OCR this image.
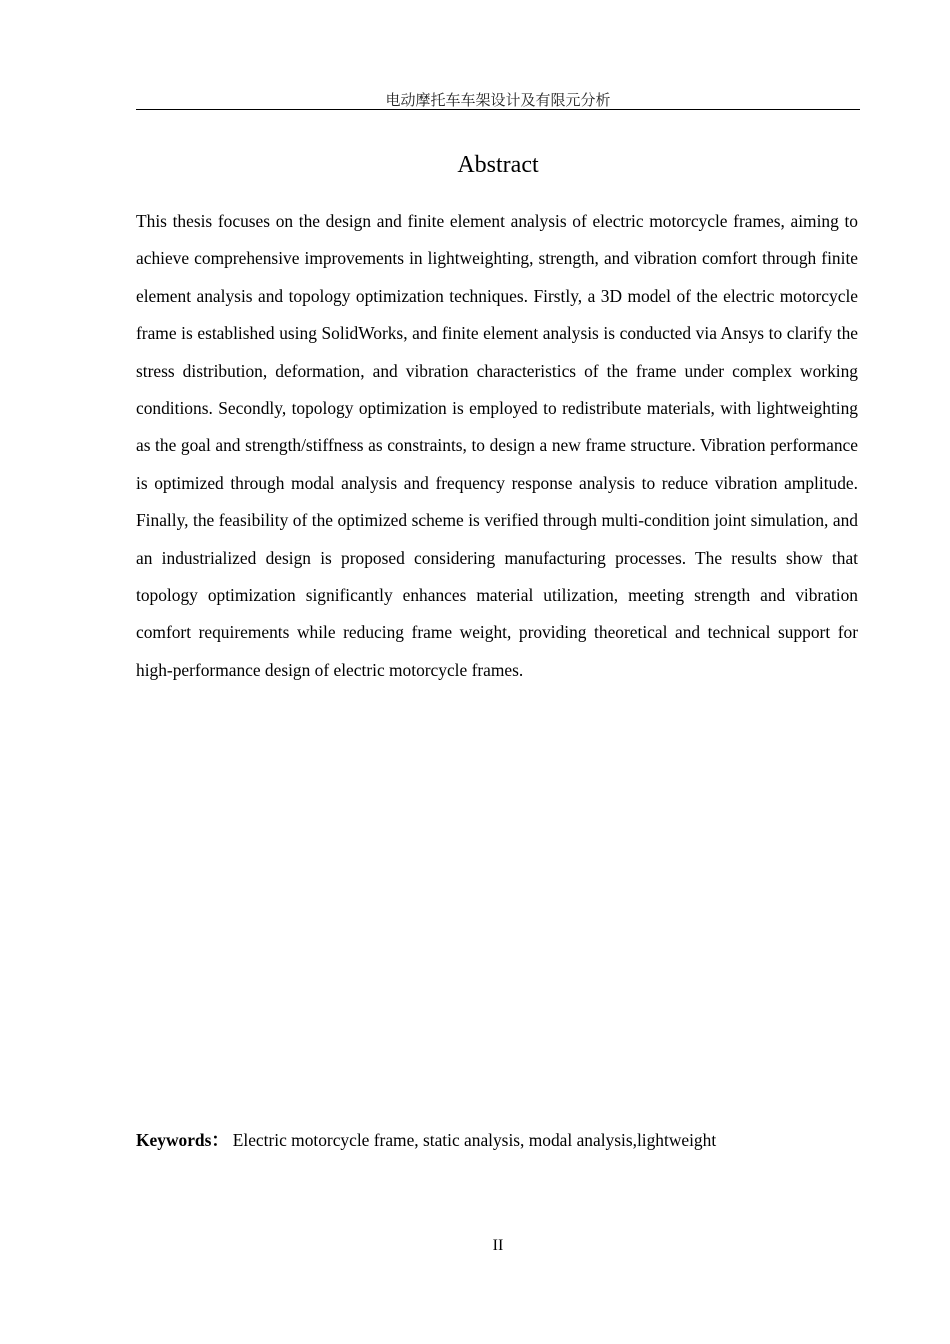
电动摩托车车架设计及有限元分析
Abstract

This thesis focuses on the design and finite element analysis of electric motorcycle frames, aiming to achieve comprehensive improvements in lightweighting, strength, and vibration comfort through finite element analysis and topology optimization techniques. Firstly, a 3D model of the electric motorcycle frame is established using SolidWorks, and finite element analysis is conducted via Ansys to clarify the stress distribution, deformation, and vibration characteristics of the frame under complex working conditions. Secondly, topology optimization is employed to redistribute materials, with lightweighting as the goal and strength/stiffness as constraints, to design a new frame structure. Vibration performance is optimized through modal analysis and frequency response analysis to reduce vibration amplitude. Finally, the feasibility of the optimized scheme is verified through multi-condition joint simulation, and an industrialized design is proposed considering manufacturing processes. The results show that topology optimization significantly enhances material utilization, meeting strength and vibration comfort requirements while reducing frame weight, providing theoretical and technical support for high-performance design of electric motorcycle frames.

Keywords： Electric motorcycle frame, static analysis, modal analysis,lightweight
II
